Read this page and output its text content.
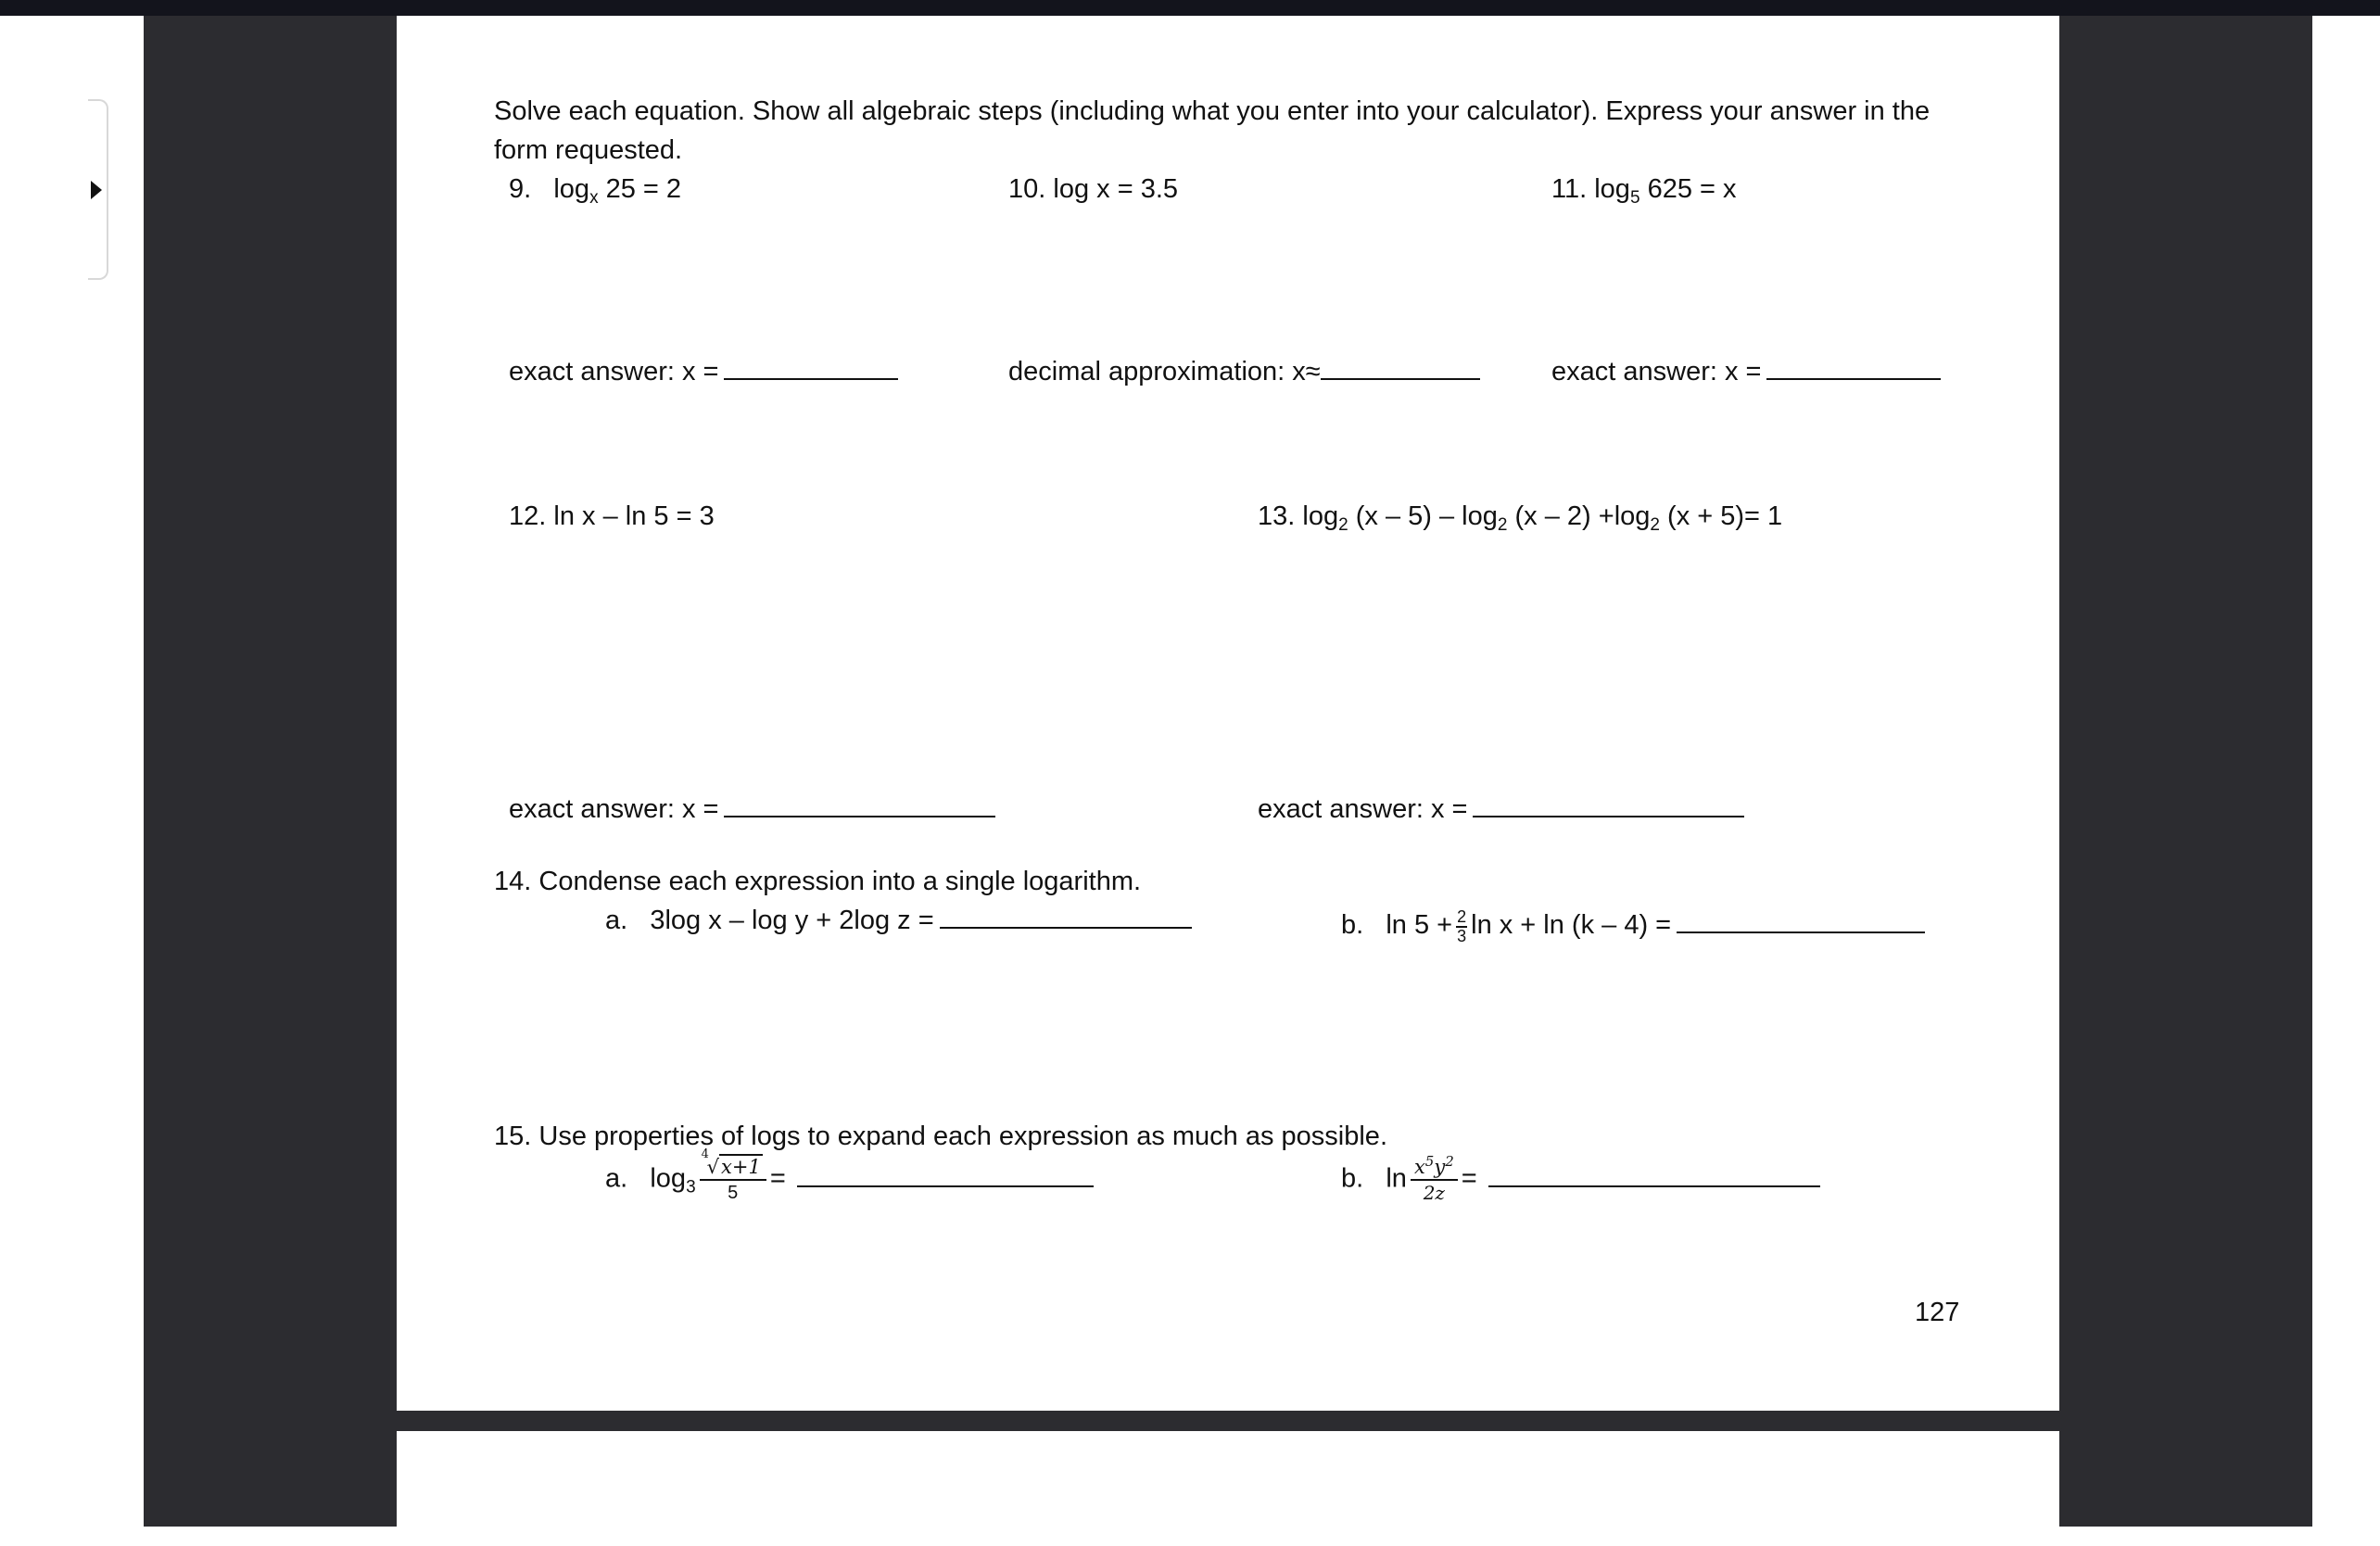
Solve each equation. Show all algebraic steps (including what you enter into your calculator). Express your answer in the
form requested.
9. $\log_x 25 = 2$
exact answer: x =
10. log x = 3.5
decimal approximation: x≈
11. $\log_5 625 = x$
exact answer: x =
12. ln x – ln 5 = 3
exact answer: x =
13. $\log_2 (x - 5) - \log_2 (x - 2) +\log_2$ (x + 5)= 1
exact answer: x =
14. Condense each expression into a single logarithm.
a. 3log x – log y + 2log z =	b. $\ln 5 + \frac{2}{3}$ ln x + ln (k – 4) =
15. Use properties of logs to expand each expression as much as possible.
a. $\log_3 4$
√x+1
5 =	b. $\ln \frac{x^5y^2}{2z}$ =
127
